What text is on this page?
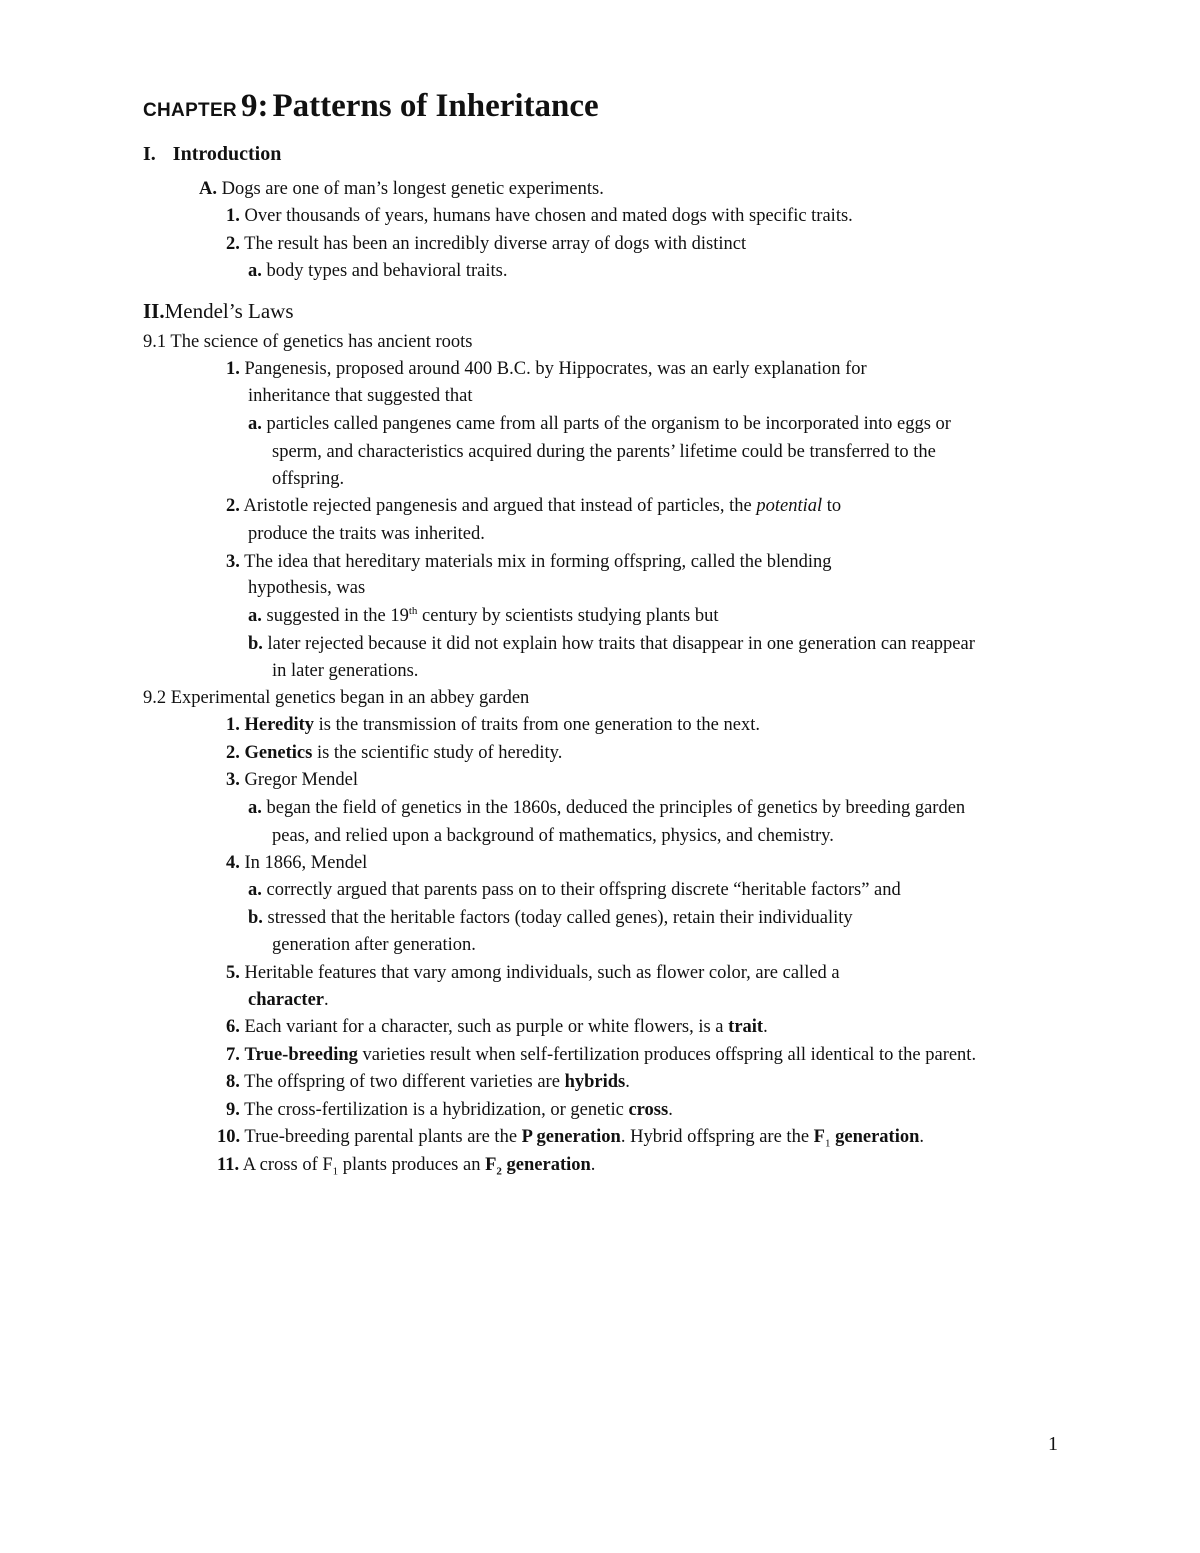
CHAPTER 9: Patterns of Inheritance
I. Introduction
A. Dogs are one of man’s longest genetic experiments.
1. Over thousands of years, humans have chosen and mated dogs with specific traits.
2. The result has been an incredibly diverse array of dogs with distinct
a. body types and behavioral traits.
II.Mendel’s Laws
9.1 The science of genetics has ancient roots
1. Pangenesis, proposed around 400 B.C. by Hippocrates, was an early explanation for
inheritance that suggested that
a. particles called pangenes came from all parts of the organism to be incorporated into eggs or
sperm, and characteristics acquired during the parents’ lifetime could be transferred to the
offspring.
2. Aristotle rejected pangenesis and argued that instead of particles, the potential to
produce the traits was inherited.
3. The idea that hereditary materials mix in forming offspring, called the blending
hypothesis, was
a. suggested in the 19th century by scientists studying plants but
b. later rejected because it did not explain how traits that disappear in one generation can reappear
in later generations.
9.2 Experimental genetics began in an abbey garden
1. Heredity is the transmission of traits from one generation to the next.
2. Genetics is the scientific study of heredity.
3. Gregor Mendel
a. began the field of genetics in the 1860s, deduced the principles of genetics by breeding garden
peas, and relied upon a background of mathematics, physics, and chemistry.
4. In 1866, Mendel
a. correctly argued that parents pass on to their offspring discrete “heritable factors” and
b. stressed that the heritable factors (today called genes), retain their individuality
generation after generation.
5. Heritable features that vary among individuals, such as flower color, are called a
character.
6. Each variant for a character, such as purple or white flowers, is a trait.
7. True-breeding varieties result when self-fertilization produces offspring all identical to the parent.
8. The offspring of two different varieties are hybrids.
9. The cross-fertilization is a hybridization, or genetic cross.
10. True-breeding parental plants are the P generation. Hybrid offspring are the $F_1$ generation.
11. A cross of $F_1$ plants produces an $F_2$ generation.
1
